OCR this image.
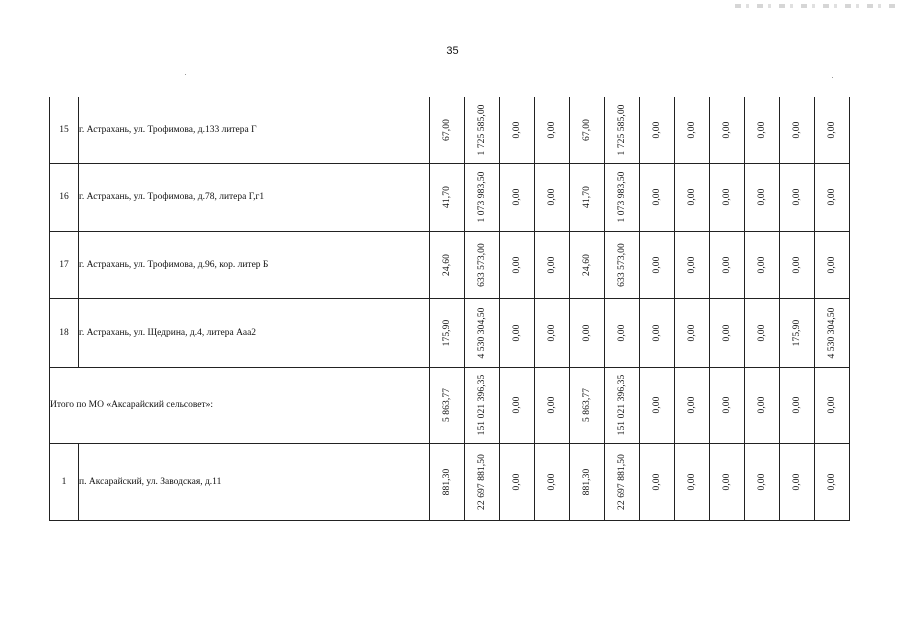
35
15	г. Астрахань, ул. Трофимова, д.133 литера Г	67,00	1 725 585,00	0,00	0,00	67,00	1 725 585,00	0,00	0,00	0,00	0,00	0,00	0,00

16	г. Астрахань, ул. Трофимова, д.78, литера Г,г1	41,70	1 073 983,50	0,00	0,00	41,70	1 073 983,50	0,00	0,00	0,00	0,00	0,00	0,00

17	г. Астрахань, ул. Трофимова, д.96, кор. литер Б	24,60	633 573,00	0,00	0,00	24,60	633 573,00	0,00	0,00	0,00	0,00	0,00	0,00

18	г. Астрахань, ул. Щедрина, д.4, литера Ааа2	175,90	4 530 304,50	0,00	0,00	0,00	0,00	0,00	0,00	0,00	0,00	175,90	4 530 304,50

Итого по МО «Аксарайский сельсовет»:		5 863,77	151 021 396,35	0,00	0,00	5 863,77	151 021 396,35	0,00	0,00	0,00	0,00	0,00	0,00

1	п. Аксарайский, ул. Заводская, д.11	881,30	22 697 881,50	0,00	0,00	881,30	22 697 881,50	0,00	0,00	0,00	0,00	0,00	0,00
